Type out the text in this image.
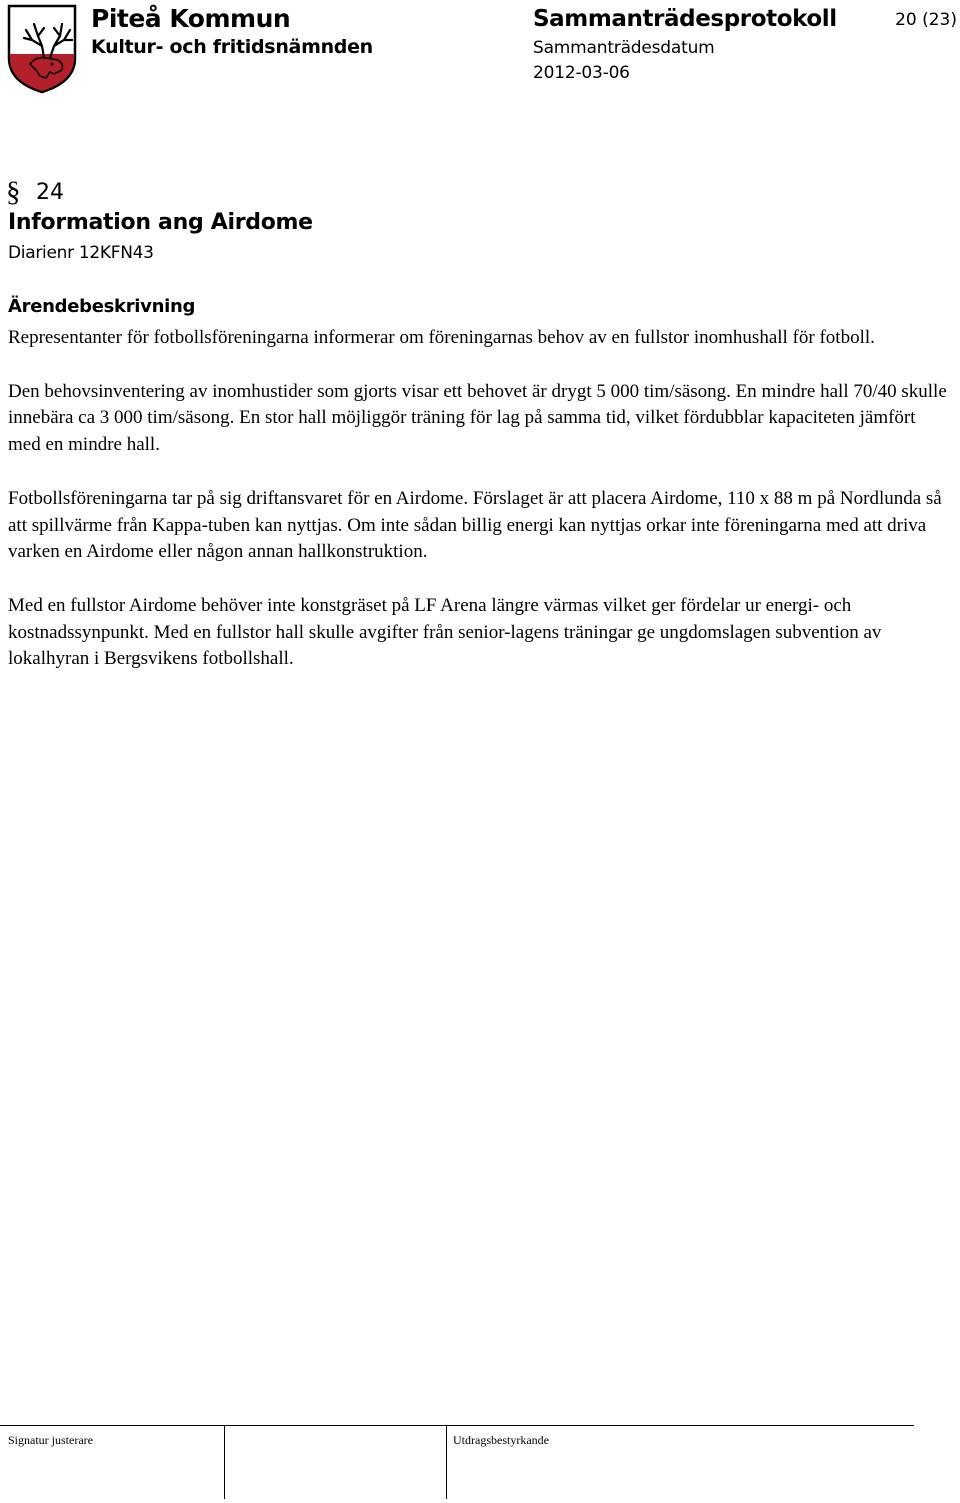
Piteå Kommun
Kultur- och fritidsnämnden
Sammanträdesprotokoll
Sammanträdesdatum
2012-03-06
20 (23)
§ 24
Information ang Airdome
Diarienr 12KFN43
Ärendebeskrivning

Representanter för fotbollsföreningarna informerar om föreningarnas behov av en fullstor inomhushall för fotboll.

Den behovsinventering av inomhustider som gjorts visar ett behovet är drygt 5 000 tim/säsong. En mindre hall 70/40 skulle innebära ca 3 000 tim/säsong. En stor hall möjliggör träning för lag på samma tid, vilket fördubblar kapaciteten jämfört med en mindre hall.

Fotbollsföreningarna tar på sig driftansvaret för en Airdome. Förslaget är att placera Airdome, 110 x 88 m på Nordlunda så att spillvärme från Kappa-tuben kan nyttjas. Om inte sådan billig energi kan nyttjas orkar inte föreningarna med att driva varken en Airdome eller någon annan hallkonstruktion.

Med en fullstor Airdome behöver inte konstgräset på LF Arena längre värmas vilket ger fördelar ur energi- och kostnadssynpunkt. Med en fullstor hall skulle avgifter från senior-lagens träningar ge ungdomslagen subvention av lokalhyran i Bergsvikens fotbollshall.

Signatur justerare	Utdragsbestyrkande
